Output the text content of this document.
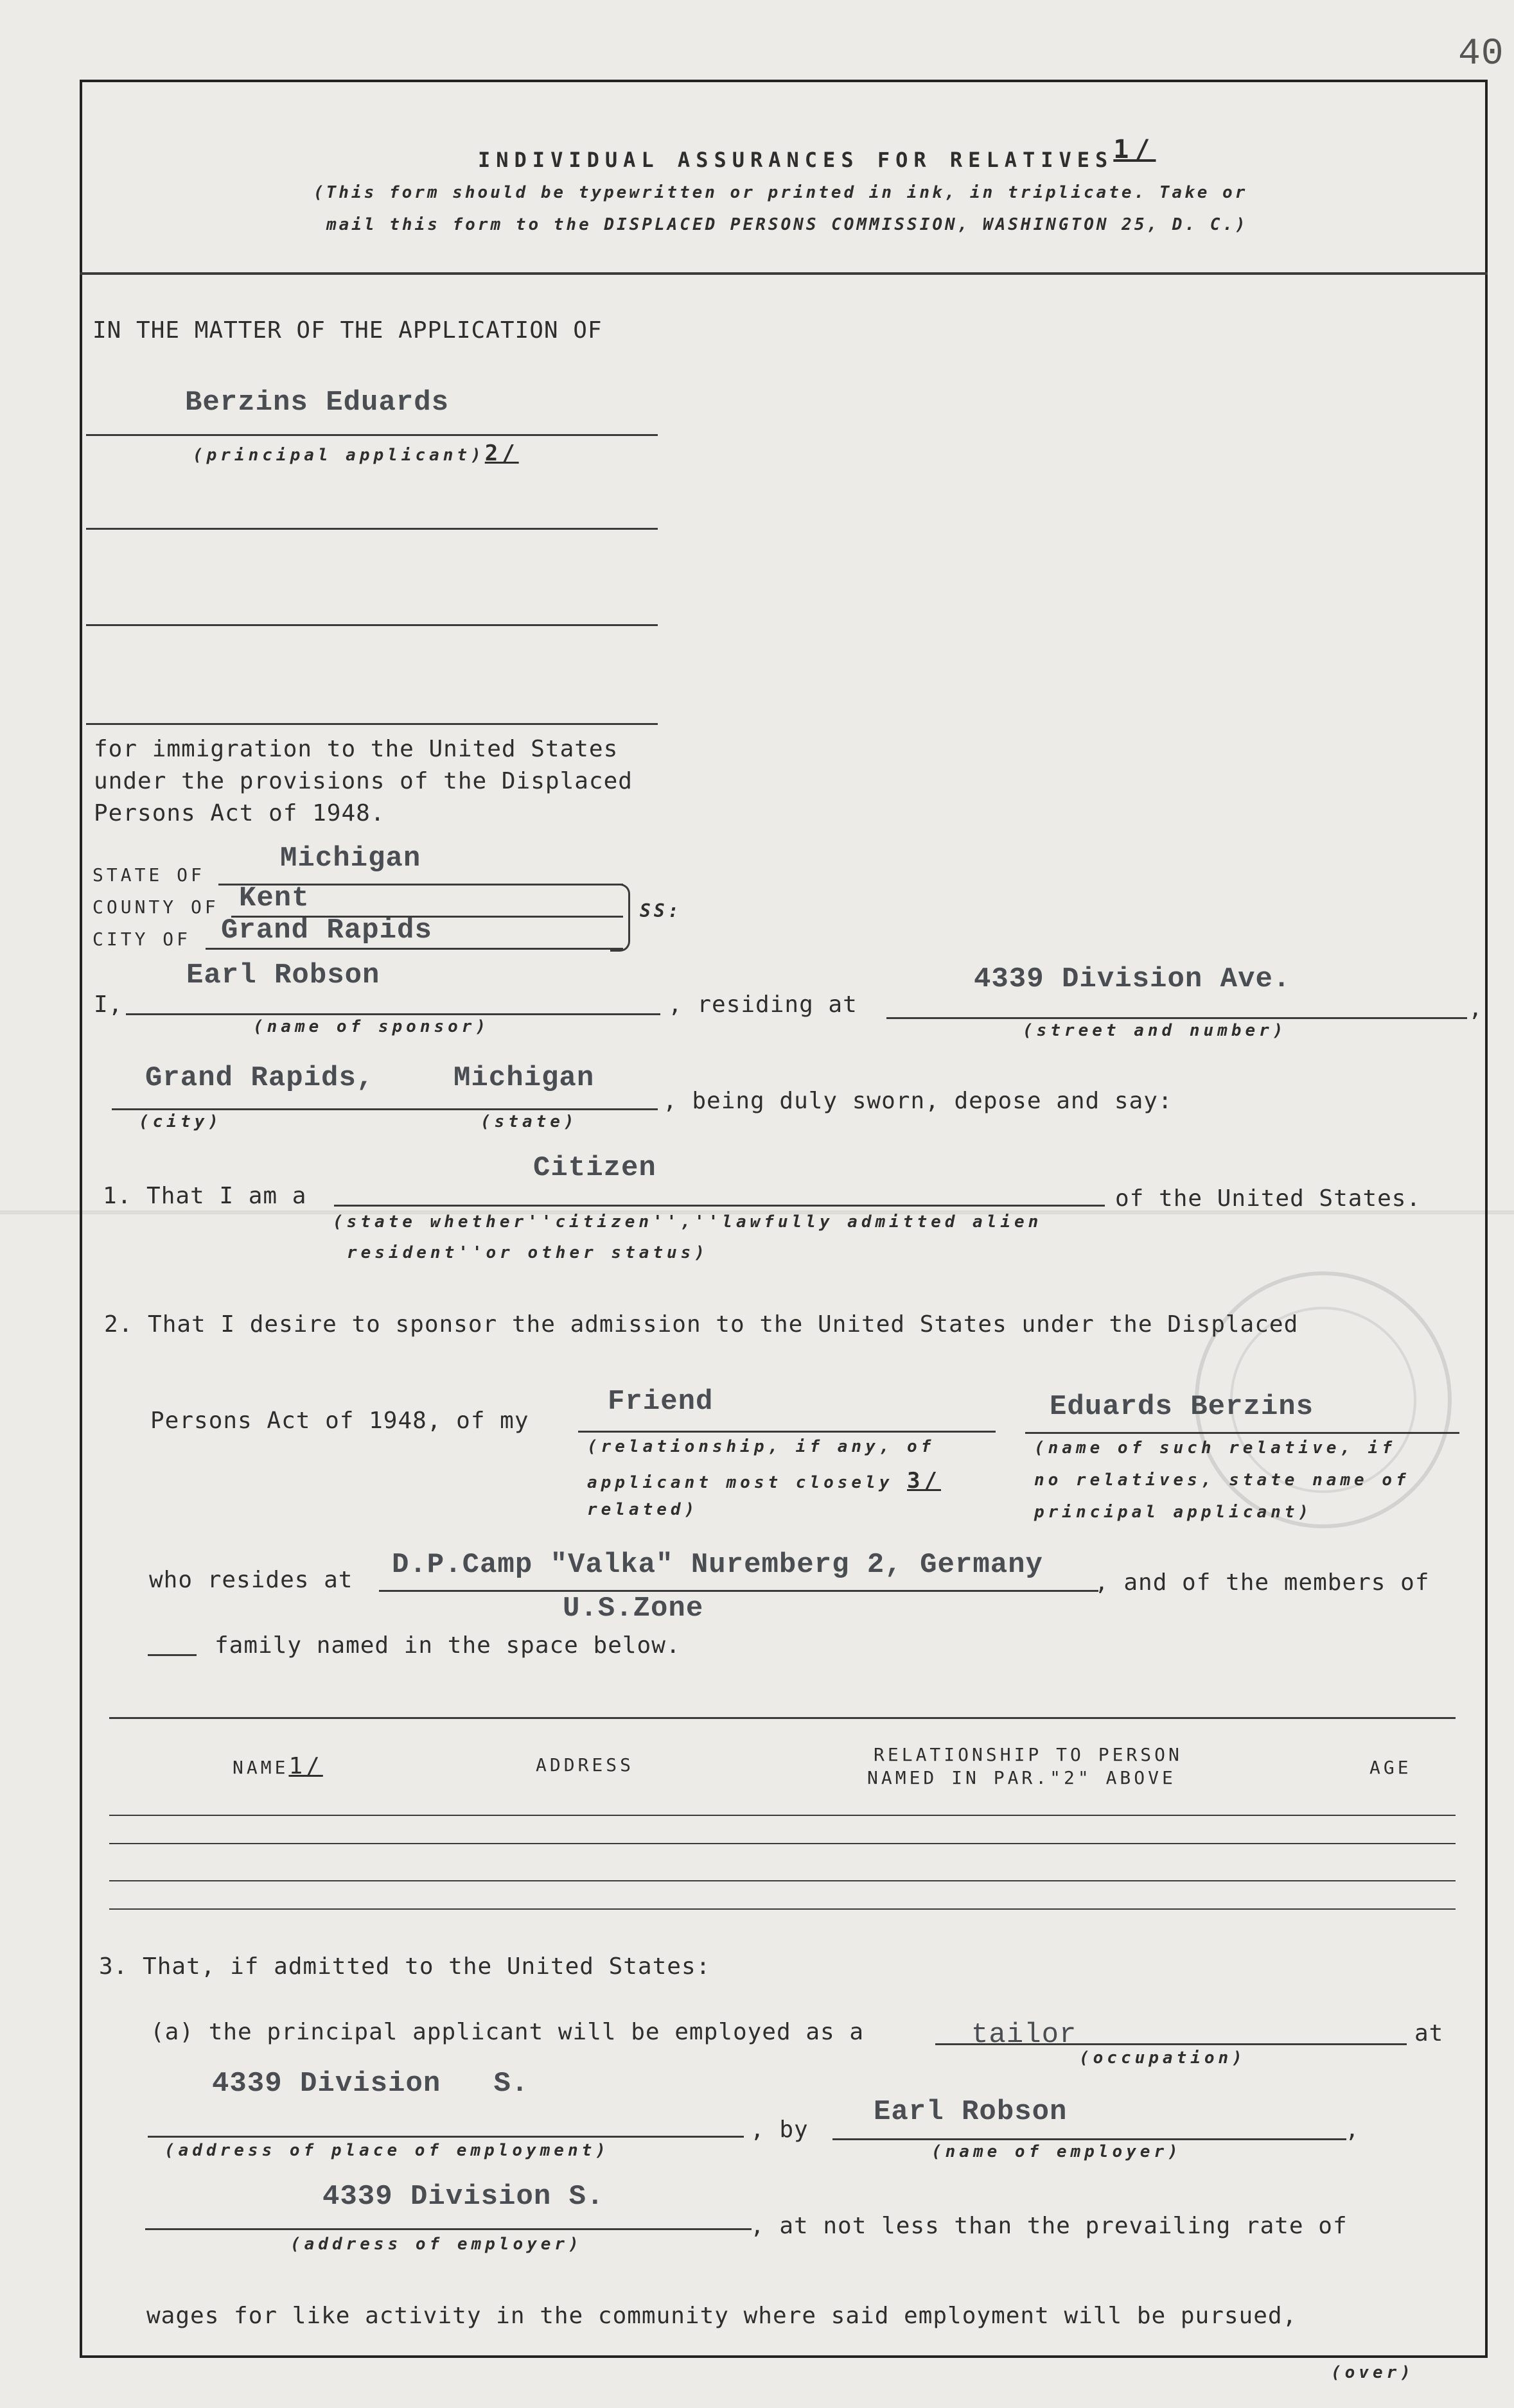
40
INDIVIDUAL ASSURANCES FOR RELATIVES1/
(This form should be typewritten or printed in ink, in triplicate. Take or
mail this form to the DISPLACED PERSONS COMMISSION, WASHINGTON 25, D. C.)
IN THE MATTER OF THE APPLICATION OF
Berzins Eduards
(principal applicant)2/
for immigration to the United States
under the provisions of the Displaced
Persons Act of 1948.
STATE OF
COUNTY OF
CITY OF
Michigan
Kent
Grand Rapids
SS:
I,
Earl Robson
(name of sponsor)
, residing at
4339 Division Ave.
,
(street and number)
Grand Rapids,	Michigan
(city)	(state)
, being duly sworn, depose and say:
1. That I am a
Citizen
of the United States.
(state whether''citizen'',''lawfully admitted alien
resident''or other status)
2. That I desire to sponsor the admission to the United States under the Displaced
Persons Act of 1948, of my
Friend
(relationship, if any, of
applicant most closely 3/
related)
Eduards Berzins
(name of such relative, if
no relatives, state name of
principal applicant)
who resides at D.P.Camp "Valka" Nuremberg 2, Germany
U.S.Zone
, and of the members of
family named in the space below.
NAME1/	ADDRESS	RELATIONSHIP TO PERSON
NAMED IN PAR."2" ABOVE	AGE
3. That, if admitted to the United States:
(a) the principal applicant will be employed as a	tailor
(occupation)
at
4339 Division   S.
(address of place of employment)
, by
Earl Robson
,
(name of employer)
4339 Division S.
(address of employer)
, at not less than the prevailing rate of
wages for like activity in the community where said employment will be pursued,
(over)
